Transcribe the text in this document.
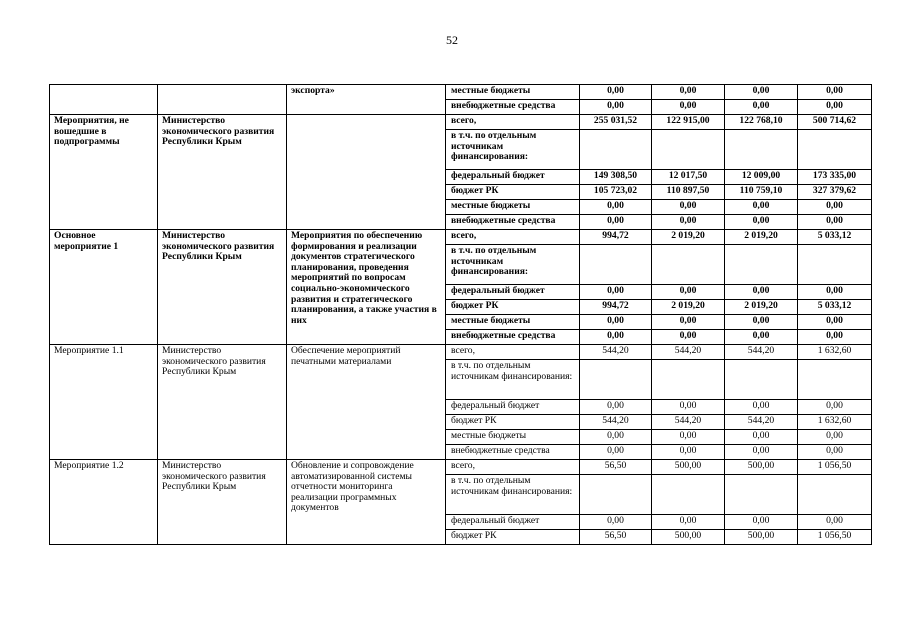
52
		экспорта»	местные бюджеты	0,00	0,00	0,00	0,00
			внебюджетные средства	0,00	0,00	0,00	0,00
Мероприятия, не вошедшие в подпрограммы	Министерство экономического развития Республики Крым		всего,	255 031,52	122 915,00	122 768,10	500 714,62
			в т.ч. по отдельным источникам финансирования:				
			федеральный бюджет	149 308,50	12 017,50	12 009,00	173 335,00
			бюджет РК	105 723,02	110 897,50	110 759,10	327 379,62
			местные бюджеты	0,00	0,00	0,00	0,00
			внебюджетные средства	0,00	0,00	0,00	0,00
Основное мероприятие 1	Министерство экономического развития Республики Крым	Мероприятия по обеспечению формирования и реализации документов стратегического планирования, проведения мероприятий по вопросам социально-экономического развития и стратегического планирования, а также участия в них	всего,	994,72	2 019,20	2 019,20	5 033,12
			в т.ч. по отдельным источникам финансирования:				
			федеральный бюджет	0,00	0,00	0,00	0,00
			бюджет РК	994,72	2 019,20	2 019,20	5 033,12
			местные бюджеты	0,00	0,00	0,00	0,00
			внебюджетные средства	0,00	0,00	0,00	0,00
Мероприятие 1.1	Министерство экономического развития Республики Крым	Обеспечение мероприятий печатными материалами	всего,	544,20	544,20	544,20	1 632,60
			в т.ч. по отдельным источникам финансирования:				
			федеральный бюджет	0,00	0,00	0,00	0,00
			бюджет РК	544,20	544,20	544,20	1 632,60
			местные бюджеты	0,00	0,00	0,00	0,00
			внебюджетные средства	0,00	0,00	0,00	0,00
Мероприятие 1.2	Министерство экономического развития Республики Крым	Обновление и сопровождение автоматизированной системы отчетности мониторинга реализации программных документов	всего,	56,50	500,00	500,00	1 056,50
			в т.ч. по отдельным источникам финансирования:				
			федеральный бюджет	0,00	0,00	0,00	0,00
			бюджет РК	56,50	500,00	500,00	1 056,50
